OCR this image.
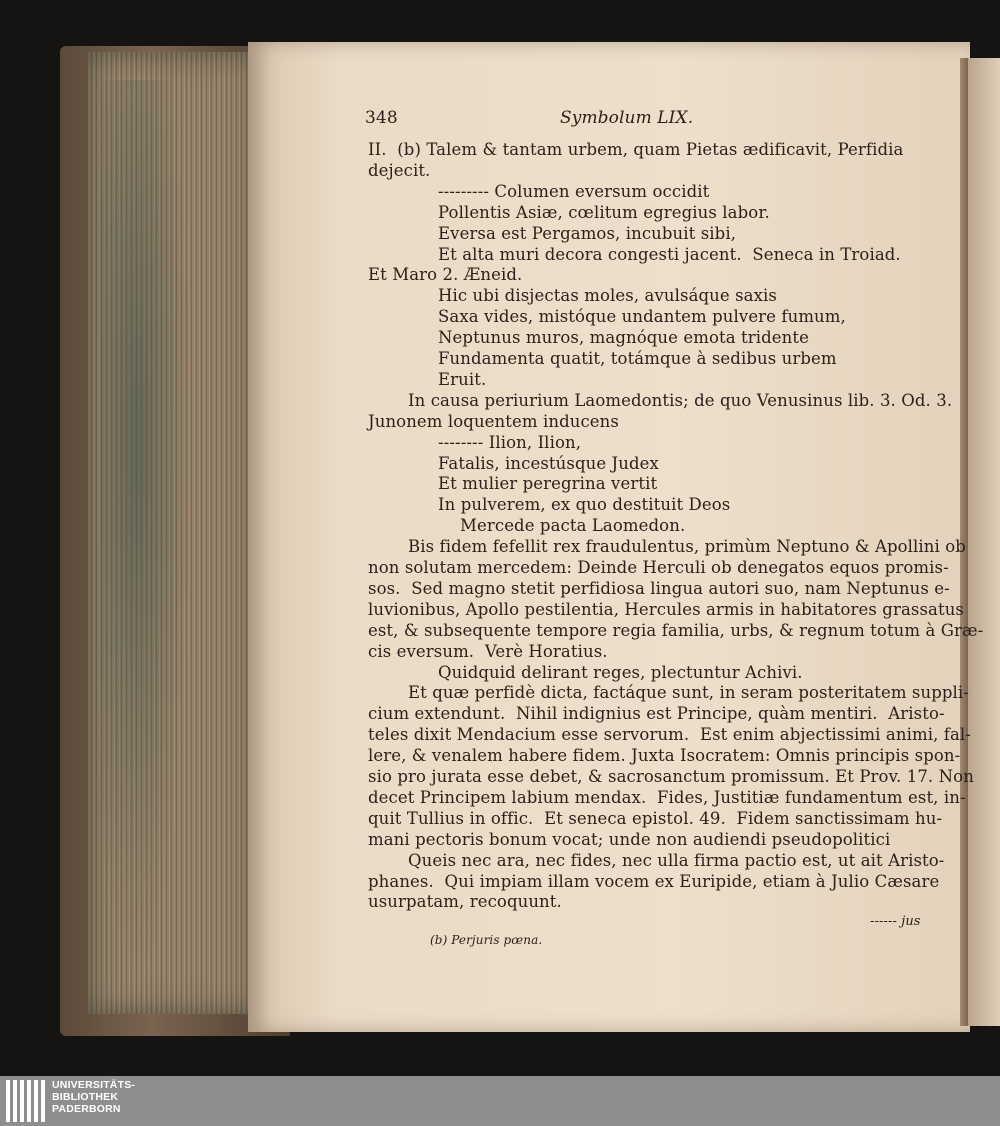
348	Symbolum LIX.
II.  (b) Talem & tantam urbem, quam Pietas ædificavit, Perfidia
dejecit.
--------- Columen eversum occidit
Pollentis Asiæ, cœlitum egregius labor.
Eversa est Pergamos, incubuit sibi,
Et alta muri decora congesti jacent.  Seneca in Troiad.
Et Maro 2. Æneid.
Hic ubi disjectas moles, avulsáque saxis
Saxa vides, mistóque undantem pulvere fumum,
Neptunus muros, magnóque emota tridente
Fundamenta quatit, totámque à sedibus urbem
Eruit.
In causa periurium Laomedontis; de quo Venusinus lib. 3. Od. 3.
Junonem loquentem inducens
-------- Ilion, Ilion,
Fatalis, incestúsque Judex
Et mulier peregrina vertit
In pulverem, ex quo destituit Deos
Mercede pacta Laomedon.
Bis fidem fefellit rex fraudulentus, primùm Neptuno & Apollini ob
non solutam mercedem: Deinde Herculi ob denegatos equos promis-
sos.  Sed magno stetit perfidiosa lingua autori suo, nam Neptunus e-
luvionibus, Apollo pestilentia, Hercules armis in habitatores grassatus
est, & subsequente tempore regia familia, urbs, & regnum totum à Græ-
cis eversum.  Verè Horatius.
Quidquid delirant reges, plectuntur Achivi.
Et quæ perfidè dicta, factáque sunt, in seram posteritatem suppli-
cium extendunt.  Nihil indignius est Principe, quàm mentiri.  Aristo-
teles dixit Mendacium esse servorum.  Est enim abjectissimi animi, fal-
lere, & venalem habere fidem. Juxta Isocratem: Omnis principis spon-
sio pro jurata esse debet, & sacrosanctum promissum. Et Prov. 17. Non
decet Principem labium mendax.  Fides, Justitiæ fundamentum est, in-
quit Tullius in offic.  Et seneca epistol. 49.  Fidem sanctissimam hu-
mani pectoris bonum vocat; unde non audiendi pseudopolitici
Queis nec ara, nec fides, nec ulla firma pactio est, ut ait Aristo-
phanes.  Qui impiam illam vocem ex Euripide, etiam à Julio Cæsare
usurpatam, recoquunt.
------ jus
(b) Perjuris pœna.
UNIVERSITÄTS-
BIBLIOTHEK
PADERBORN
